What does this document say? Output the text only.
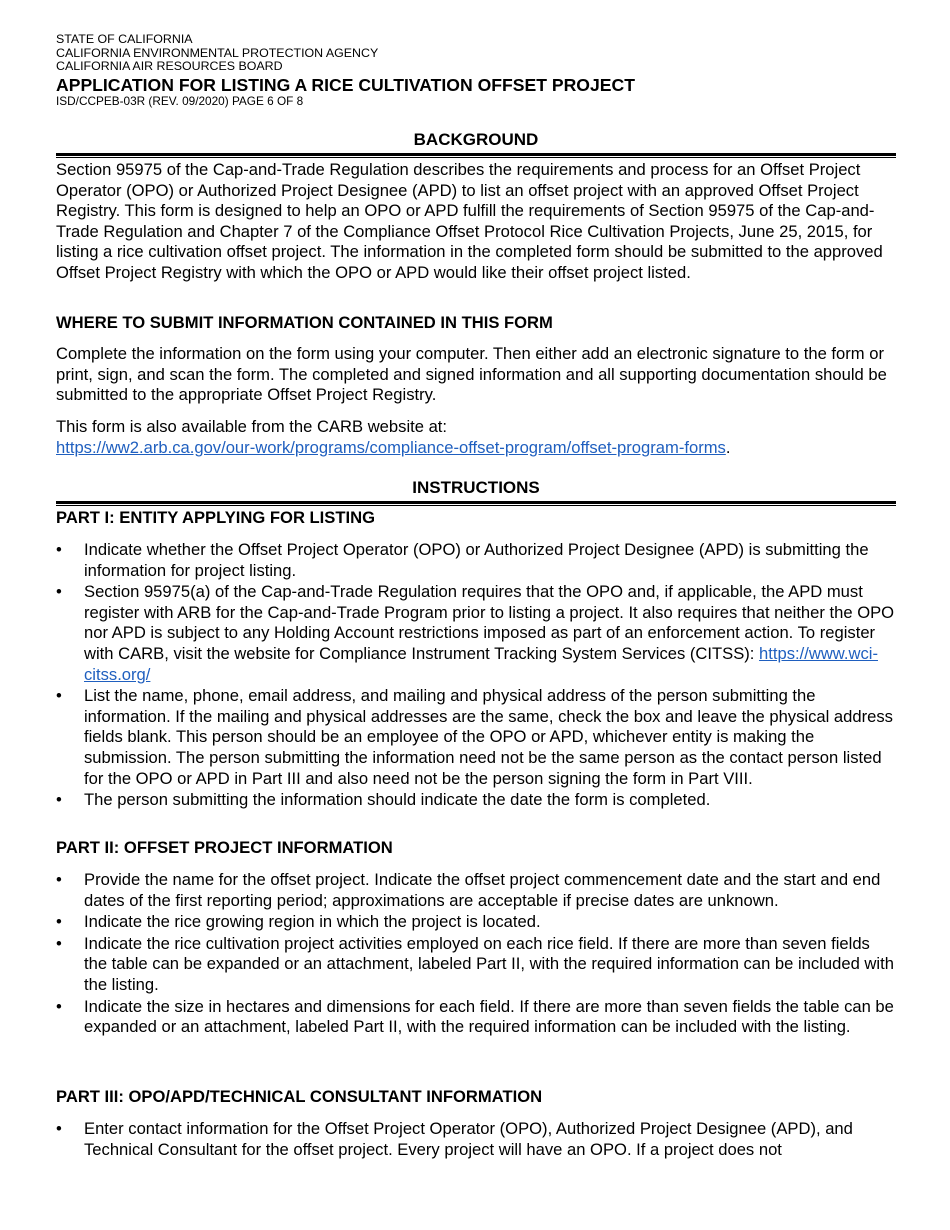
STATE OF CALIFORNIA
CALIFORNIA ENVIRONMENTAL PROTECTION AGENCY
CALIFORNIA AIR RESOURCES BOARD
APPLICATION FOR LISTING A RICE CULTIVATION OFFSET PROJECT
ISD/CCPEB-03R (REV. 09/2020) PAGE 6 OF 8
BACKGROUND
Section 95975 of the Cap-and-Trade Regulation describes the requirements and process for an Offset Project Operator (OPO) or Authorized Project Designee (APD) to list an offset project with an approved Offset Project Registry. This form is designed to help an OPO or APD fulfill the requirements of Section 95975 of the Cap-and-Trade Regulation and Chapter 7 of the Compliance Offset Protocol Rice Cultivation Projects, June 25, 2015, for listing a rice cultivation offset project. The information in the completed form should be submitted to the approved Offset Project Registry with which the OPO or APD would like their offset project listed.
WHERE TO SUBMIT INFORMATION CONTAINED IN THIS FORM
Complete the information on the form using your computer. Then either add an electronic signature to the form or print, sign, and scan the form. The completed and signed information and all supporting documentation should be submitted to the appropriate Offset Project Registry.
This form is also available from the CARB website at:
https://ww2.arb.ca.gov/our-work/programs/compliance-offset-program/offset-program-forms.
INSTRUCTIONS
PART I: ENTITY APPLYING FOR LISTING
• Indicate whether the Offset Project Operator (OPO) or Authorized Project Designee (APD) is submitting the information for project listing.
• Section 95975(a) of the Cap-and-Trade Regulation requires that the OPO and, if applicable, the APD must register with ARB for the Cap-and-Trade Program prior to listing a project. It also requires that neither the OPO nor APD is subject to any Holding Account restrictions imposed as part of an enforcement action. To register with CARB, visit the website for Compliance Instrument Tracking System Services (CITSS): https://www.wci-citss.org/
• List the name, phone, email address, and mailing and physical address of the person submitting the information. If the mailing and physical addresses are the same, check the box and leave the physical address fields blank. This person should be an employee of the OPO or APD, whichever entity is making the submission. The person submitting the information need not be the same person as the contact person listed for the OPO or APD in Part III and also need not be the person signing the form in Part VIII.
• The person submitting the information should indicate the date the form is completed.
PART II: OFFSET PROJECT INFORMATION
• Provide the name for the offset project. Indicate the offset project commencement date and the start and end dates of the first reporting period; approximations are acceptable if precise dates are unknown.
• Indicate the rice growing region in which the project is located.
• Indicate the rice cultivation project activities employed on each rice field. If there are more than seven fields the table can be expanded or an attachment, labeled Part II, with the required information can be included with the listing.
• Indicate the size in hectares and dimensions for each field. If there are more than seven fields the table can be expanded or an attachment, labeled Part II, with the required information can be included with the listing.
PART III: OPO/APD/TECHNICAL CONSULTANT INFORMATION
• Enter contact information for the Offset Project Operator (OPO), Authorized Project Designee (APD), and Technical Consultant for the offset project. Every project will have an OPO. If a project does not
